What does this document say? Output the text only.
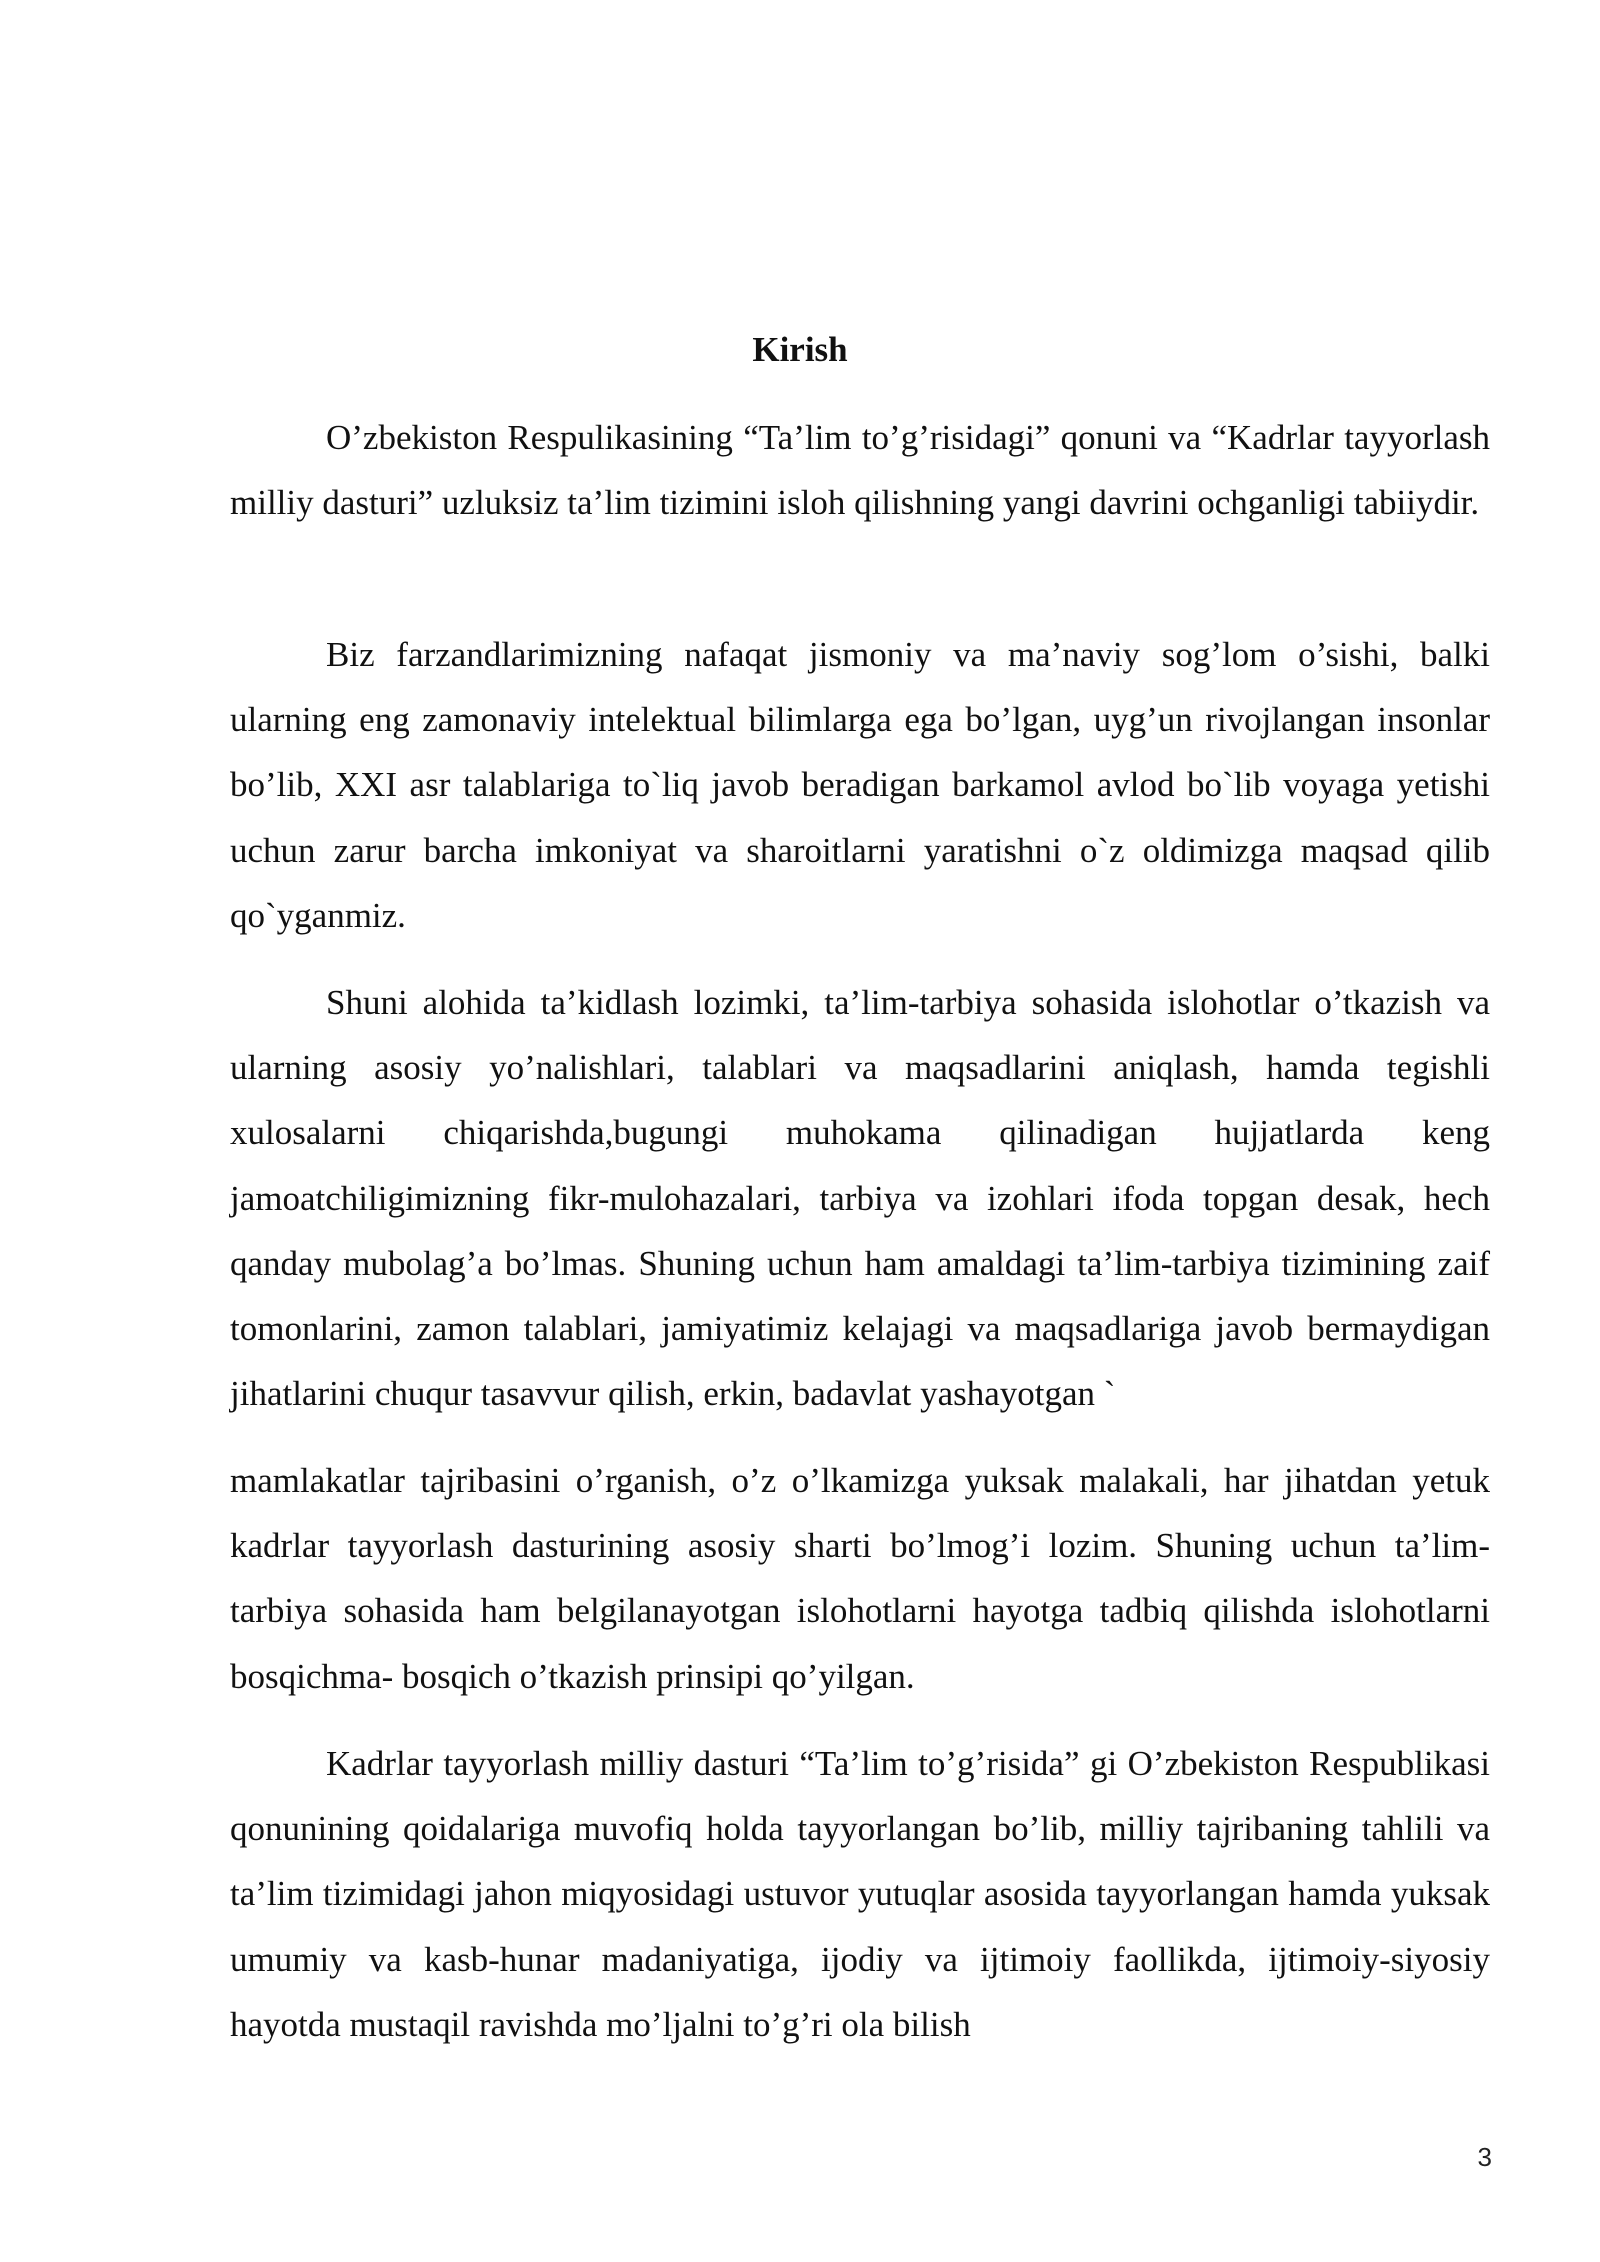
Kirish

O’zbekiston Respulikasining “Ta’lim to’g’risidagi” qonuni va “Kadrlar tayyorlash milliy dasturi” uzluksiz ta’lim tizimini isloh qilishning yangi davrini ochganligi tabiiydir.

Biz farzandlarimizning nafaqat jismoniy va ma’naviy sog’lom o’sishi, balki ularning eng zamonaviy intelektual bilimlarga ega bo’lgan, uyg’un rivojlangan insonlar bo’lib, XXI asr talablariga to`liq javob beradigan barkamol avlod bo`lib voyaga yetishi uchun zarur barcha imkoniyat va sharoitlarni yaratishni o`z oldimizga maqsad qilib qo`yganmiz.

Shuni alohida ta’kidlash lozimki, ta’lim-tarbiya sohasida islohotlar o’tkazish va ularning asosiy yo’nalishlari, talablari va maqsadlarini aniqlash, hamda tegishli xulosalarni chiqarishda,bugungi muhokama qilinadigan hujjatlarda keng jamoatchiligimizning fikr-mulohazalari, tarbiya va izohlari ifoda topgan desak, hech qanday mubolag’a bo’lmas. Shuning uchun ham amaldagi ta’lim-tarbiya tizimining zaif tomonlarini, zamon talablari, jamiyatimiz kelajagi va maqsadlariga javob bermaydigan jihatlarini chuqur tasavvur qilish, erkin, badavlat yashayotgan `

mamlakatlar tajribasini o’rganish, o’z o’lkamizga yuksak malakali, har jihatdan yetuk kadrlar tayyorlash dasturining asosiy sharti bo’lmog’i lozim. Shuning uchun ta’lim-tarbiya sohasida ham belgilanayotgan islohotlarni hayotga tadbiq qilishda islohotlarni bosqichma- bosqich o’tkazish prinsipi qo’yilgan.

Kadrlar tayyorlash milliy dasturi “Ta’lim to’g’risida” gi O’zbekiston Respublikasi qonunining qoidalariga muvofiq holda tayyorlangan bo’lib, milliy tajribaning tahlili va ta’lim tizimidagi jahon miqyosidagi ustuvor yutuqlar asosida tayyorlangan hamda yuksak umumiy va kasb-hunar madaniyatiga, ijodiy va ijtimoiy faollikda, ijtimoiy-siyosiy hayotda mustaqil ravishda mo’ljalni to’g’ri ola bilish

3
